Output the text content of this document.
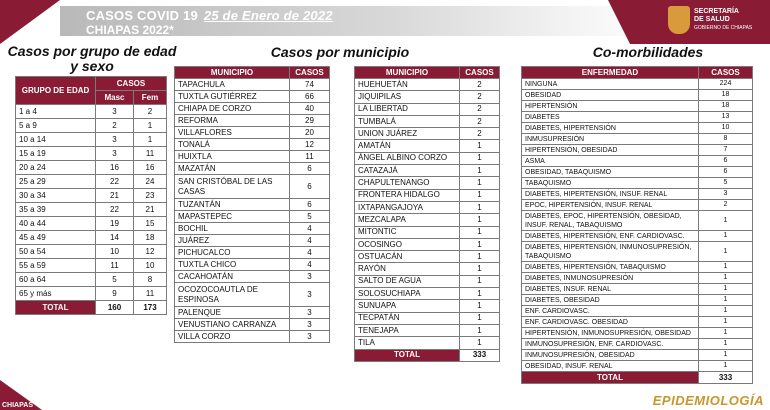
CASOS COVID 19 25 de Enero de 2022
CHIAPAS 2022*
SECRETARÍA
DE SALUD
GOBIERNO DE CHIAPAS
Casos por grupo de edad y sexo
Casos por municipio	Co-morbilidades
GRUPO DE EDAD	CASOS	
	Masc	Fem
1 a 4	3	2
5 a 9	2	1
10 a 14	3	1
15 a 19	3	11
20 a 24	16	16
25 a 29	22	24
30 a 34	21	23
35 a 39	22	21
40 a 44	19	15
45 a 49	14	18
50 a 54	10	12
55 a 59	11	10
60 a 64	5	8
65 y más	9	11
TOTAL	160	173
MUNICIPIO	CASOS
TAPACHULA	74
TUXTLA GUTIÉRREZ	66
CHIAPA DE CORZO	40
REFORMA	29
VILLAFLORES	20
TONALÁ	12
HUIXTLA	11
MAZATÁN	6
SAN CRISTÓBAL DE LAS CASAS	6
TUZANTÁN	6
MAPASTEPEC	5
BOCHIL	4
JUÁREZ	4
PICHUCALCO	4
TUXTLA CHICO	4
CACAHOATÁN	3
OCOZOCOAUTLA DE ESPINOSA	3
PALENQUE	3
VENUSTIANO CARRANZA	3
VILLA CORZO	3
MUNICIPIO	CASOS
HUEHUETÁN	2
JIQUIPILAS	2
LA LIBERTAD	2
TUMBALÁ	2
UNION JUÁREZ	2
AMATÁN	1
ÁNGEL ALBINO CORZO	1
CATAZAJÁ	1
CHAPULTENANGO	1
FRONTERA HIDALGO	1
IXTAPANGAJOYA	1
MEZCALAPA	1
MITONTIC	1
OCOSINGO	1
OSTUACÁN	1
RAYÓN	1
SALTO DE AGUA	1
SOLOSUCHIAPA	1
SUNUAPA	1
TECPATÁN	1
TENEJAPA	1
TILA	1
TOTAL	333
ENFERMEDAD	CASOS
NINGUNA	224
OBESIDAD	18
HIPERTENSIÓN	18
DIABETES	13
DIABETES, HIPERTENSIÓN	10
INMUSUPRESIÓN	8
HIPERTENSIÓN, OBESIDAD	7
ASMA	6
OBESIDAD, TABAQUISMO	6
TABAQUISMO	5
DIABETES, HIPERTENSIÓN, INSUF. RENAL	3
EPOC, HIPERTENSIÓN, INSUF. RENAL	2
DIABETES, EPOC, HIPERTENSIÓN, OBESIDAD, INSUF. RENAL, TABAQUISMO	1
DIABETES, HIPERTENSIÓN, ENF. CARDIOVASC.	1
DIABETES, HIPERTENSIÓN, INMUNOSUPRESIÓN, TABAQUISMO	1
DIABETES, HIPERTENSIÓN, TABAQUISMO	1
DIABETES, INMUNOSUPRESIÓN	1
DIABETES, INSUF. RENAL	1
DIABETES, OBESIDAD	1
ENF. CARDIOVASC.	1
ENF. CARDIOVASC. OBESIDAD	1
HIPERTENSIÓN, INMUNOSUPRESIÓN, OBESIDAD	1
INMUNOSUPRESIÓN, ENF. CARDIOVASC.	1
INMUNOSUPRESIÓN, OBESIDAD	1
OBESIDAD, INSUF. RENAL	1
TOTAL	333
CHIAPAS	EPIDEMIOLOGÍA
